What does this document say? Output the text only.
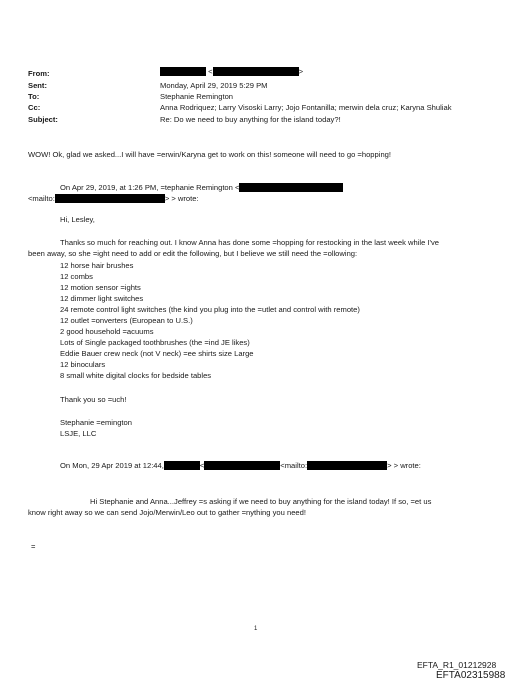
From:	<	>
Sent:	Monday, April 29, 2019 5:29 PM
To:	Stephanie Remington
Cc:	Anna Rodriquez; Larry Visoski Larry; Jojo Fontanilla; merwin dela cruz; Karyna Shuliak
Subject:	Re: Do we need to buy anything for the island today?!
WOW! Ok, glad we asked...I will have =erwin/Karyna get to work on this! someone will need to go =hopping!
On Apr 29, 2019, at 1:26 PM, =tephanie Remington <
<mailto:	> > wrote:
Hi, Lesley,
Thanks so much for reaching out. I know Anna has done some =hopping for restocking in the last week while I've
been away, so she =ight need to add or edit the following, but I believe we still need the =ollowing:
12 horse hair brushes
12 combs
12 motion sensor =ights
12 dimmer light switches
24 remote control light switches (the kind you plug into the =utlet and control with remote)
12 outlet =onverters (European to U.S.)
2 good household =acuums
Lots of Single packaged toothbrushes (the =ind JE likes)
Eddie Bauer crew neck (not V neck) =ee shirts size Large
12 binoculars
8 small white digital clocks for bedside tables
Thank you so =uch!
Stephanie =emington
LSJE, LLC
On Mon, 29 Apr 2019 at 12:44,	<	<mailto:	> > wrote:
Hi Stephanie and Anna...Jeffrey =s asking if we need to buy anything for the island today! If so, =et us
know right away so we can send Jojo/Merwin/Leo out to gather =nything you need!
=
1
EFTA_R1_01212928
EFTA02315988
